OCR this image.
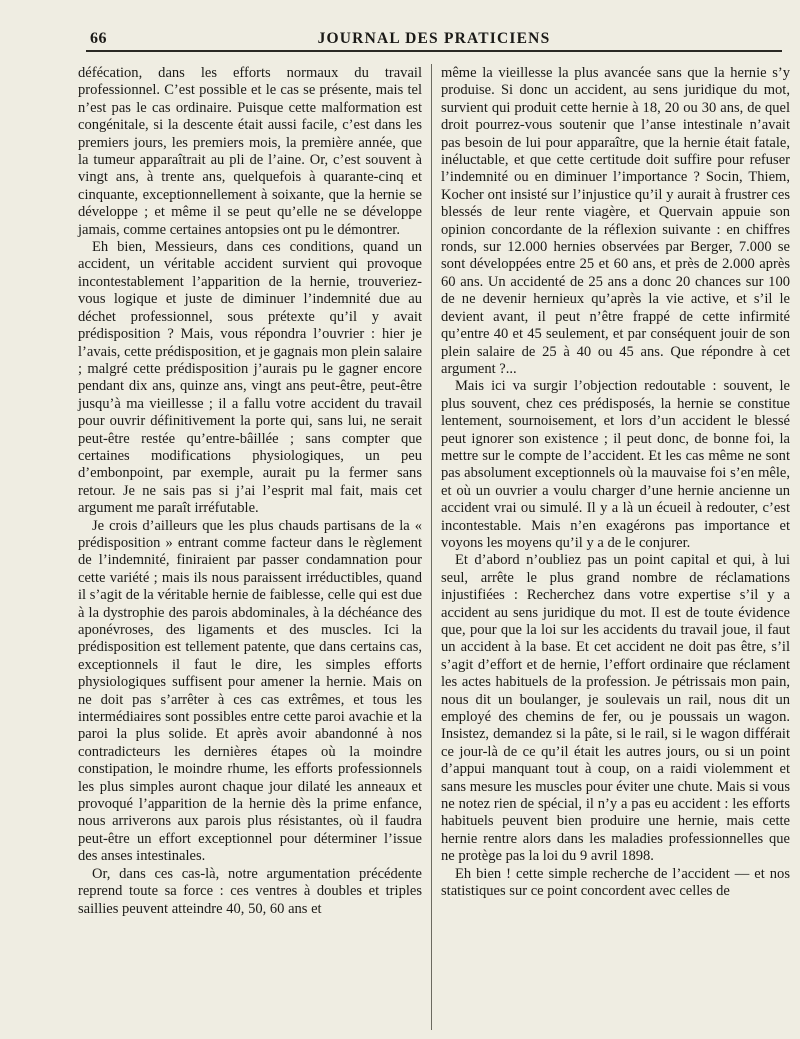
66	JOURNAL DES PRATICIENS

défécation, dans les efforts normaux du travail professionnel. C’est possible et le cas se présente, mais tel n’est pas le cas ordinaire. Puisque cette malformation est congénitale, si la descente était aussi facile, c’est dans les premiers jours, les premiers mois, la première année, que la tumeur apparaîtrait au pli de l’aine. Or, c’est souvent à vingt ans, à trente ans, quelquefois à quarante-cinq et cinquante, exceptionnellement à soixante, que la hernie se développe ; et même il se peut qu’elle ne se développe jamais, comme certaines antopsies ont pu le démontrer.

Eh bien, Messieurs, dans ces conditions, quand un accident, un véritable accident survient qui provoque incontestablement l’apparition de la hernie, trouveriez-vous logique et juste de diminuer l’indemnité due au déchet professionnel, sous prétexte qu’il y avait prédisposition ? Mais, vous répondra l’ouvrier : hier je l’avais, cette prédisposition, et je gagnais mon plein salaire ; malgré cette prédisposition j’aurais pu le gagner encore pendant dix ans, quinze ans, vingt ans peut-être, peut-être jusqu’à ma vieillesse ; il a fallu votre accident du travail pour ouvrir définitivement la porte qui, sans lui, ne serait peut-être restée qu’entre-bâillée ; sans compter que certaines modifications physiologiques, un peu d’embonpoint, par exemple, aurait pu la fermer sans retour. Je ne sais pas si j’ai l’esprit mal fait, mais cet argument me paraît irréfutable.

Je crois d’ailleurs que les plus chauds partisans de la « prédisposition » entrant comme facteur dans le règlement de l’indemnité, finiraient par passer condamnation pour cette variété ; mais ils nous paraissent irréductibles, quand il s’agit de la véritable hernie de faiblesse, celle qui est due à la dystrophie des parois abdominales, à la déchéance des aponévroses, des ligaments et des muscles. Ici la prédisposition est tellement patente, que dans certains cas, exceptionnels il faut le dire, les simples efforts physiologiques suffisent pour amener la hernie. Mais on ne doit pas s’arrêter à ces cas extrêmes, et tous les intermédiaires sont possibles entre cette paroi avachie et la paroi la plus solide. Et après avoir abandonné à nos contradicteurs les dernières étapes où la moindre constipation, le moindre rhume, les efforts professionnels les plus simples auront chaque jour dilaté les anneaux et provoqué l’apparition de la hernie dès la prime enfance, nous arriverons aux parois plus résistantes, où il faudra peut-être un effort exceptionnel pour déterminer l’issue des anses intestinales.

Or, dans ces cas-là, notre argumentation précédente reprend toute sa force : ces ventres à doubles et triples saillies peuvent atteindre 40, 50, 60 ans et

même la vieillesse la plus avancée sans que la hernie s’y produise. Si donc un accident, au sens juridique du mot, survient qui produit cette hernie à 18, 20 ou 30 ans, de quel droit pourrez-vous soutenir que l’anse intestinale n’avait pas besoin de lui pour apparaître, que la hernie était fatale, inéluctable, et que cette certitude doit suffire pour refuser l’indemnité ou en diminuer l’importance ? Socin, Thiem, Kocher ont insisté sur l’injustice qu’il y aurait à frustrer ces blessés de leur rente viagère, et Quervain appuie son opinion concordante de la réflexion suivante : en chiffres ronds, sur 12.000 hernies observées par Berger, 7.000 se sont développées entre 25 et 60 ans, et près de 2.000 après 60 ans. Un accidenté de 25 ans a donc 20 chances sur 100 de ne devenir hernieux qu’après la vie active, et s’il le devient avant, il peut n’être frappé de cette infirmité qu’entre 40 et 45 seulement, et par conséquent jouir de son plein salaire de 25 à 40 ou 45 ans. Que répondre à cet argument ?...

Mais ici va surgir l’objection redoutable : souvent, le plus souvent, chez ces prédisposés, la hernie se constitue lentement, sournoisement, et lors d’un accident le blessé peut ignorer son existence ; il peut donc, de bonne foi, la mettre sur le compte de l’accident. Et les cas même ne sont pas absolument exceptionnels où la mauvaise foi s’en mêle, et où un ouvrier a voulu charger d’une hernie ancienne un accident vrai ou simulé. Il y a là un écueil à redouter, c’est incontestable. Mais n’en exagérons pas importance et voyons les moyens qu’il y a de le conjurer.

Et d’abord n’oubliez pas un point capital et qui, à lui seul, arrête le plus grand nombre de réclamations injustifiées : Recherchez dans votre expertise s’il y a accident au sens juridique du mot. Il est de toute évidence que, pour que la loi sur les accidents du travail joue, il faut un accident à la base. Et cet accident ne doit pas être, s’il s’agit d’effort et de hernie, l’effort ordinaire que réclament les actes habituels de la profession. Je pétrissais mon pain, nous dit un boulanger, je soulevais un rail, nous dit un employé des chemins de fer, ou je poussais un wagon. Insistez, demandez si la pâte, si le rail, si le wagon différait ce jour-là de ce qu’il était les autres jours, ou si un point d’appui manquant tout à coup, on a raidi violemment et sans mesure les muscles pour éviter une chute. Mais si vous ne notez rien de spécial, il n’y a pas eu accident : les efforts habituels peuvent bien produire une hernie, mais cette hernie rentre alors dans les maladies professionnelles que ne protège pas la loi du 9 avril 1898.

Eh bien ! cette simple recherche de l’accident — et nos statistiques sur ce point concordent avec celles de
